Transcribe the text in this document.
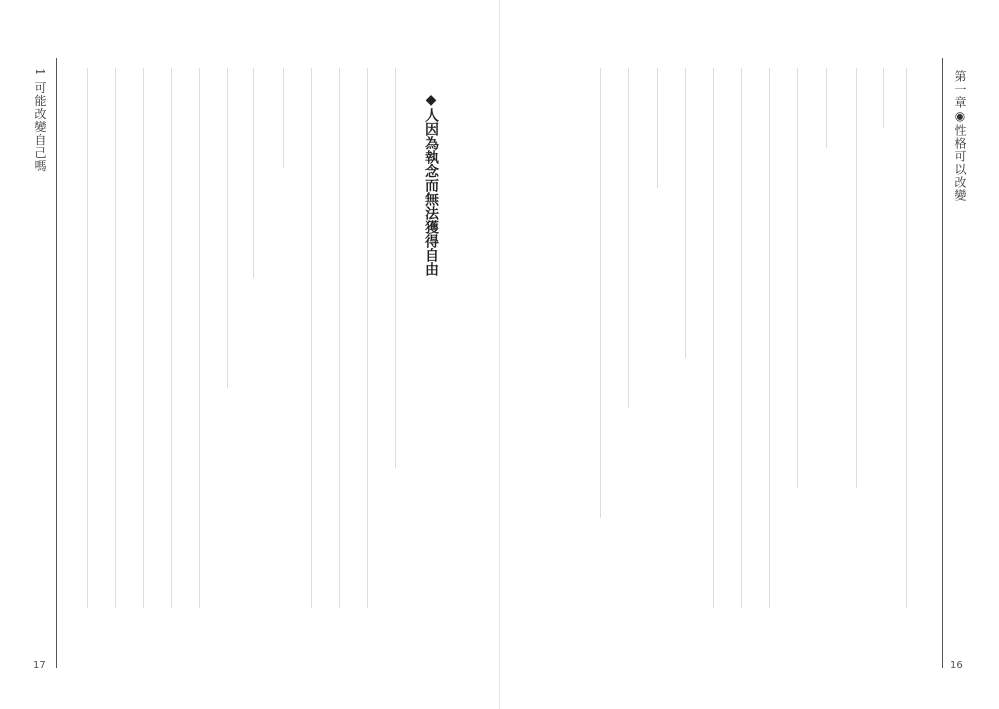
第一章◉性格可以改變
16
1 可能改變自己嗎
17
◆人因為執念而無法獲得自由
